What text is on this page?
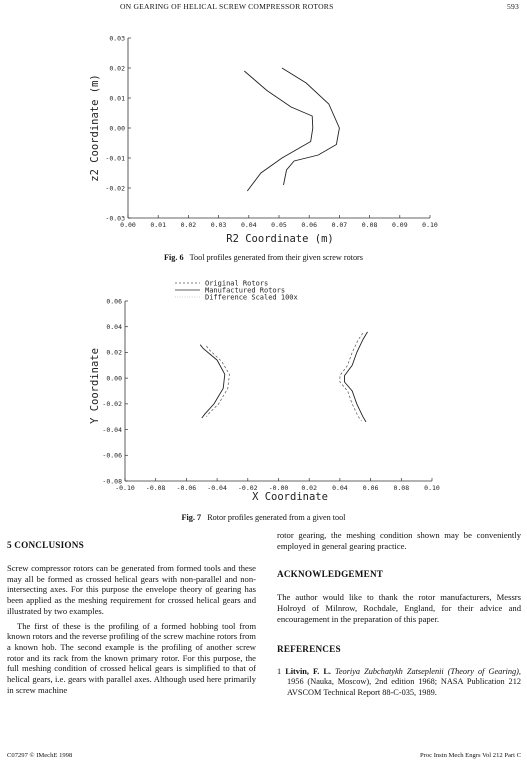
ON GEARING OF HELICAL SCREW COMPRESSOR ROTORS	593
0.00 0.01 0.02 0.03 0.04 0.05 0.06 0.07 0.08 0.09 0.10
0.03
0.02
0.01
0.00
-0.01
-0.02
-0.03
R2 Coordinate (m)
z2 Coordinate (m)
Fig. 6 Tool profiles generated from their given screw rotors
Original Rotors
Manufactured Rotors
Difference Scaled 100x
-0.10 -0.08 -0.06 -0.04 -0.02 -0.00 0.02 0.04 0.06 0.08 0.10
0.06
0.04
0.02
0.00
-0.02
-0.04
-0.06
-0.08
X Coordinate
Y Coordinate
Fig. 7 Rotor profiles generated from a given tool
5 CONCLUSIONS

Screw compressor rotors can be generated from formed tools and these may all be formed as crossed helical gears with non-parallel and non-intersecting axes. For this purpose the envelope theory of gearing has been applied as the meshing requirement for crossed helical gears and illustrated by two examples.

The first of these is the profiling of a formed hobbing tool from known rotors and the reverse profiling of the screw machine rotors from a known hob. The second example is the profiling of another screw rotor and its rack from the known primary rotor. For this purpose, the full meshing condition of crossed helical gears is simplified to that of helical gears, i.e. gears with parallel axes. Although used here primarily in screw machine

rotor gearing, the meshing condition shown may be conveniently employed in general gearing practice.

ACKNOWLEDGEMENT

The author would like to thank the rotor manufacturers, Messrs Holroyd of Milnrow, Rochdale, England, for their advice and encouragement in the preparation of this paper.

REFERENCES

1 Litvin, F. L. Teoriya Zubchatykh Zatseplenii (Theory of Gearing), 1956 (Nauka, Moscow), 2nd edition 1968; NASA Publication 212 AVSCOM Technical Report 88-C-035, 1989.

C07297 © IMechE 1998	Proc Instn Mech Engrs Vol 212 Part C
